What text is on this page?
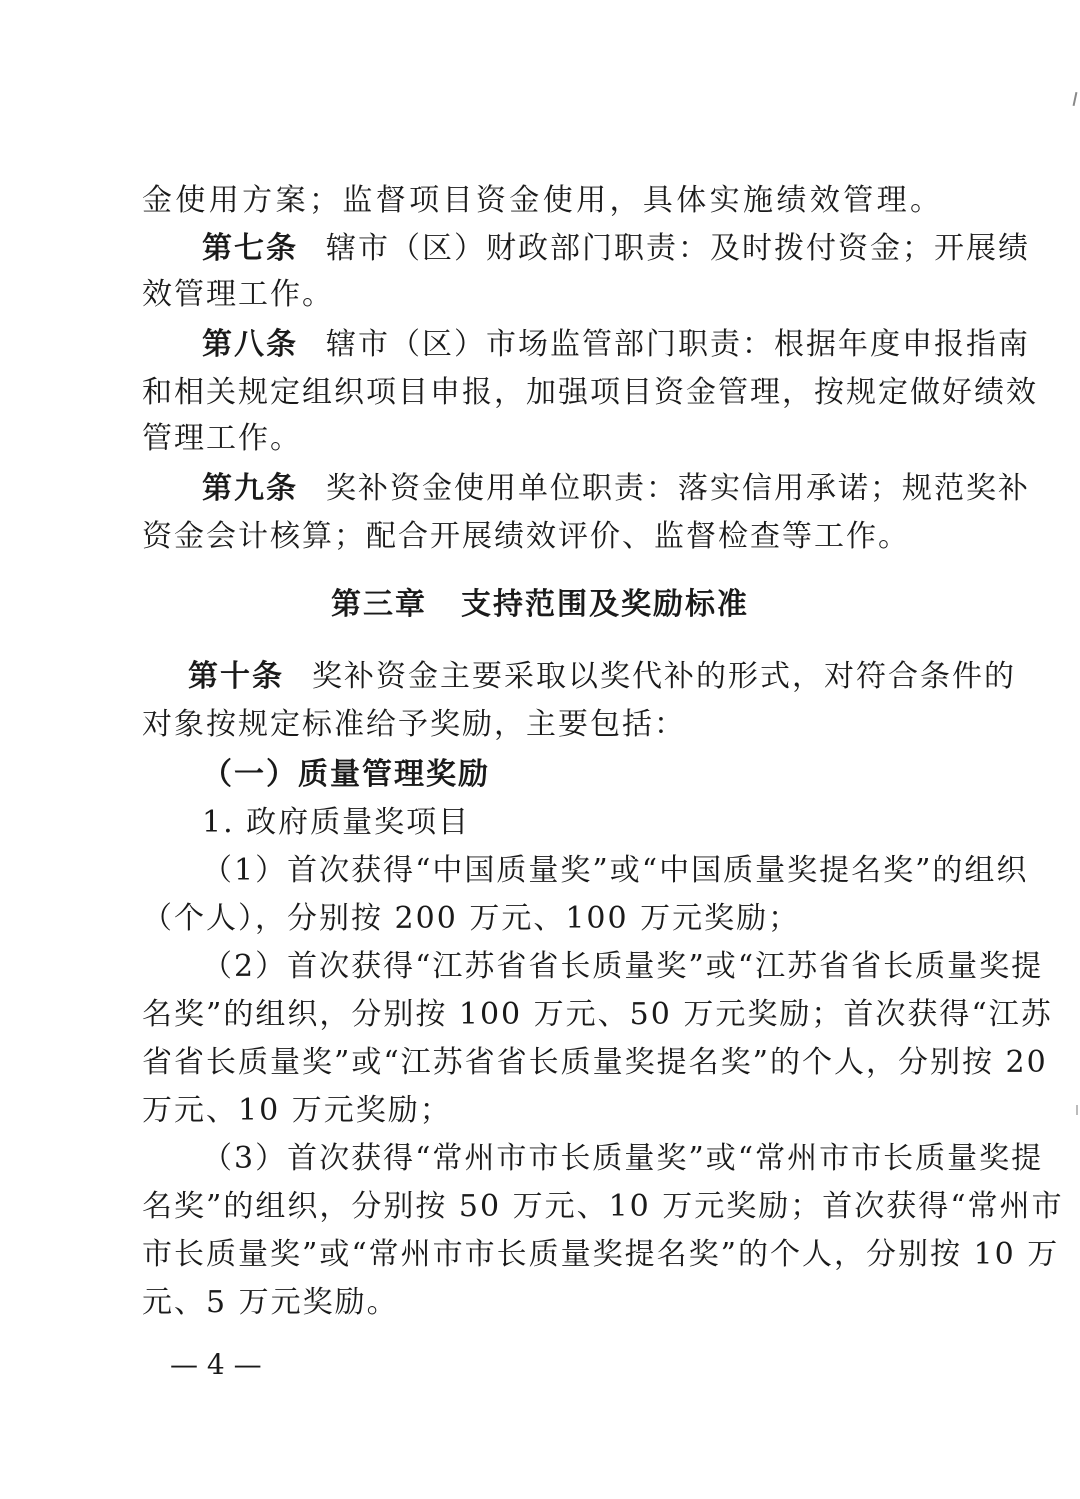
金使用方案；监督项目资金使用，具体实施绩效管理。
第七条 辖市（区）财政部门职责：及时拨付资金；开展绩
效管理工作。
第八条 辖市（区）市场监管部门职责：根据年度申报指南
和相关规定组织项目申报，加强项目资金管理，按规定做好绩效
管理工作。
第九条 奖补资金使用单位职责：落实信用承诺；规范奖补
资金会计核算；配合开展绩效评价、监督检查等工作。
第三章 支持范围及奖励标准
第十条 奖补资金主要采取以奖代补的形式，对符合条件的
对象按规定标准给予奖励，主要包括：
（一）质量管理奖励
1. 政府质量奖项目
（1）首次获得“中国质量奖”或“中国质量奖提名奖”的组织
（个人），分别按 200 万元、100 万元奖励；
（2）首次获得“江苏省省长质量奖”或“江苏省省长质量奖提
名奖”的组织，分别按 100 万元、50 万元奖励；首次获得“江苏
省省长质量奖”或“江苏省省长质量奖提名奖”的个人，分别按 20
万元、10 万元奖励；
（3）首次获得“常州市市长质量奖”或“常州市市长质量奖提
名奖”的组织，分别按 50 万元、10 万元奖励；首次获得“常州市
市长质量奖”或“常州市市长质量奖提名奖”的个人，分别按 10 万
元、5 万元奖励。
— 4 —
